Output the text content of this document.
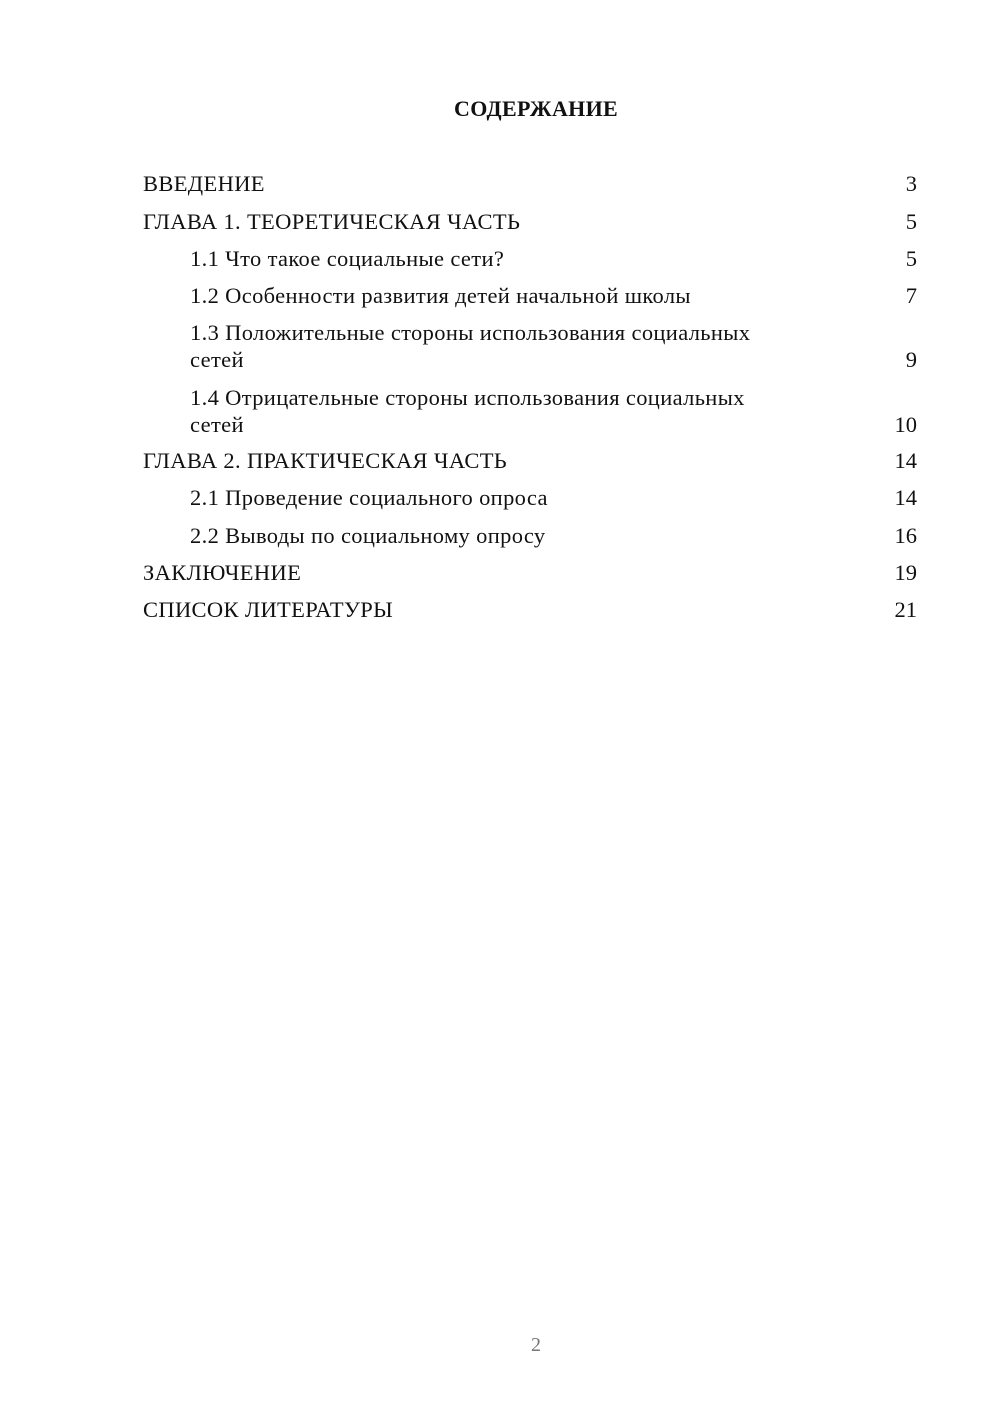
СОДЕРЖАНИЕ
ВВЕДЕНИЕ	3
ГЛАВА 1. ТЕОРЕТИЧЕСКАЯ ЧАСТЬ	5
1.1 Что такое социальные сети?	5
1.2 Особенности развития детей начальной школы	7
1.3 Положительные стороны использования социальных
сетей	9
1.4 Отрицательные стороны использования социальных
сетей	10
ГЛАВА 2. ПРАКТИЧЕСКАЯ ЧАСТЬ	14
2.1 Проведение социального опроса	14
2.2 Выводы по социальному опросу	16
ЗАКЛЮЧЕНИЕ	19
СПИСОК ЛИТЕРАТУРЫ	21
2
